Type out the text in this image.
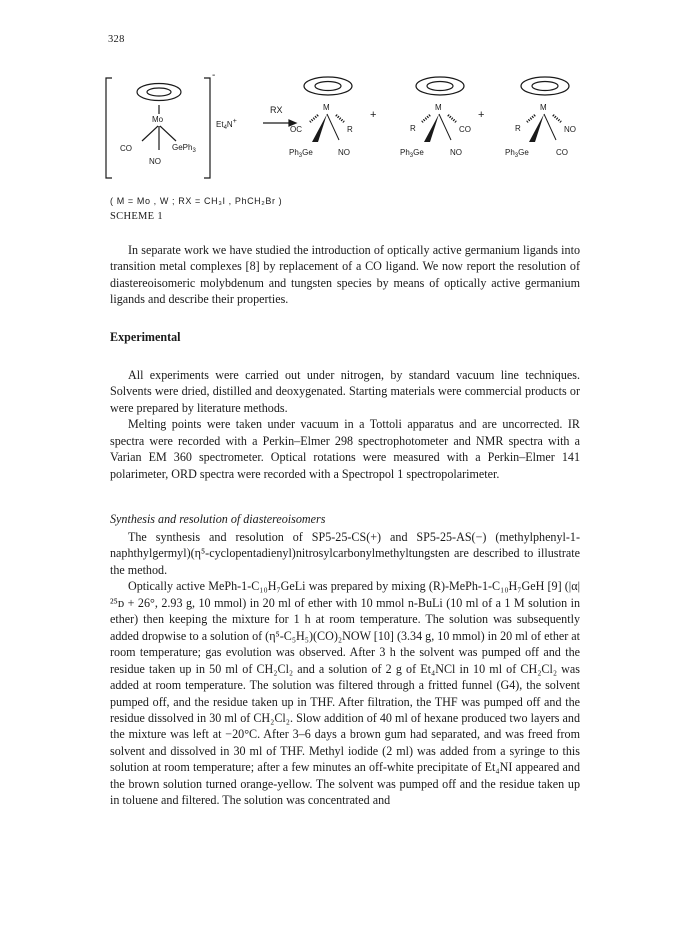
328
Mo
CO	GePh$_3$
NO
-
$Et_4N+$
RX	M
OC	R
$Ph_3Ge$	NO
+
M
R	CO
$Ph_3Ge$	NO
+
M
R	NO
$Ph_3Ge$	CO
( M = Mo , W ; RX = CH₃I , PhCH₂Br )
SCHEME 1

In separate work we have studied the introduction of optically active germanium ligands into transition metal complexes [8] by replacement of a CO ligand. We now report the resolution of diastereoisomeric molybdenum and tungsten species by means of optically active germanium ligands and describe their properties.

Experimental

All experiments were carried out under nitrogen, by standard vacuum line techniques. Solvents were dried, distilled and deoxygenated. Starting materials were commercial products or were prepared by literature methods.

Melting points were taken under vacuum in a Tottoli apparatus and are uncorrected. IR spectra were recorded with a Perkin–Elmer 298 spectrophotometer and NMR spectra with a Varian EM 360 spectrometer. Optical rotations were measured with a Perkin–Elmer 141 polarimeter, ORD spectra were recorded with a Spectropol 1 spectropolarimeter.

Synthesis and resolution of diastereoisomers

The synthesis and resolution of SP5-25-CS(+) and SP5-25-AS(−) (methylphenyl-1-naphthylgermyl)(η⁵-cyclopentadienyl)nitrosylcarbonylmethyltungsten are described to illustrate the method.

Optically active MePh-1-C₁₀H₇GeLi was prepared by mixing (R)-MePh-1-C₁₀H₇GeH [9] (|α|²⁵ᴅ + 26°, 2.93 g, 10 mmol) in 20 ml of ether with 10 mmol n-BuLi (10 ml of a 1 M solution in ether) then keeping the mixture for 1 h at room temperature. The solution was subsequently added dropwise to a solution of (η⁵-C₅H₅)(CO)₂NOW [10] (3.34 g, 10 mmol) in 20 ml of ether at room temperature; gas evolution was observed. After 3 h the solvent was pumped off and the residue taken up in 50 ml of CH₂Cl₂ and a solution of 2 g of Et₄NCl in 10 ml of CH₂Cl₂ was added at room temperature. The solution was filtered through a fritted funnel (G4), the solvent pumped off, and the residue taken up in THF. After filtration, the THF was pumped off and the residue dissolved in 30 ml of CH₂Cl₂. Slow addition of 40 ml of hexane produced two layers and the mixture was left at −20°C. After 3–6 days a brown gum had separated, and was freed from solvent and dissolved in 30 ml of THF. Methyl iodide (2 ml) was added from a syringe to this solution at room temperature; after a few minutes an off-white precipitate of Et₄NI appeared and the brown solution turned orange-yellow. The solvent was pumped off and the residue taken up in toluene and filtered. The solution was concentrated and
